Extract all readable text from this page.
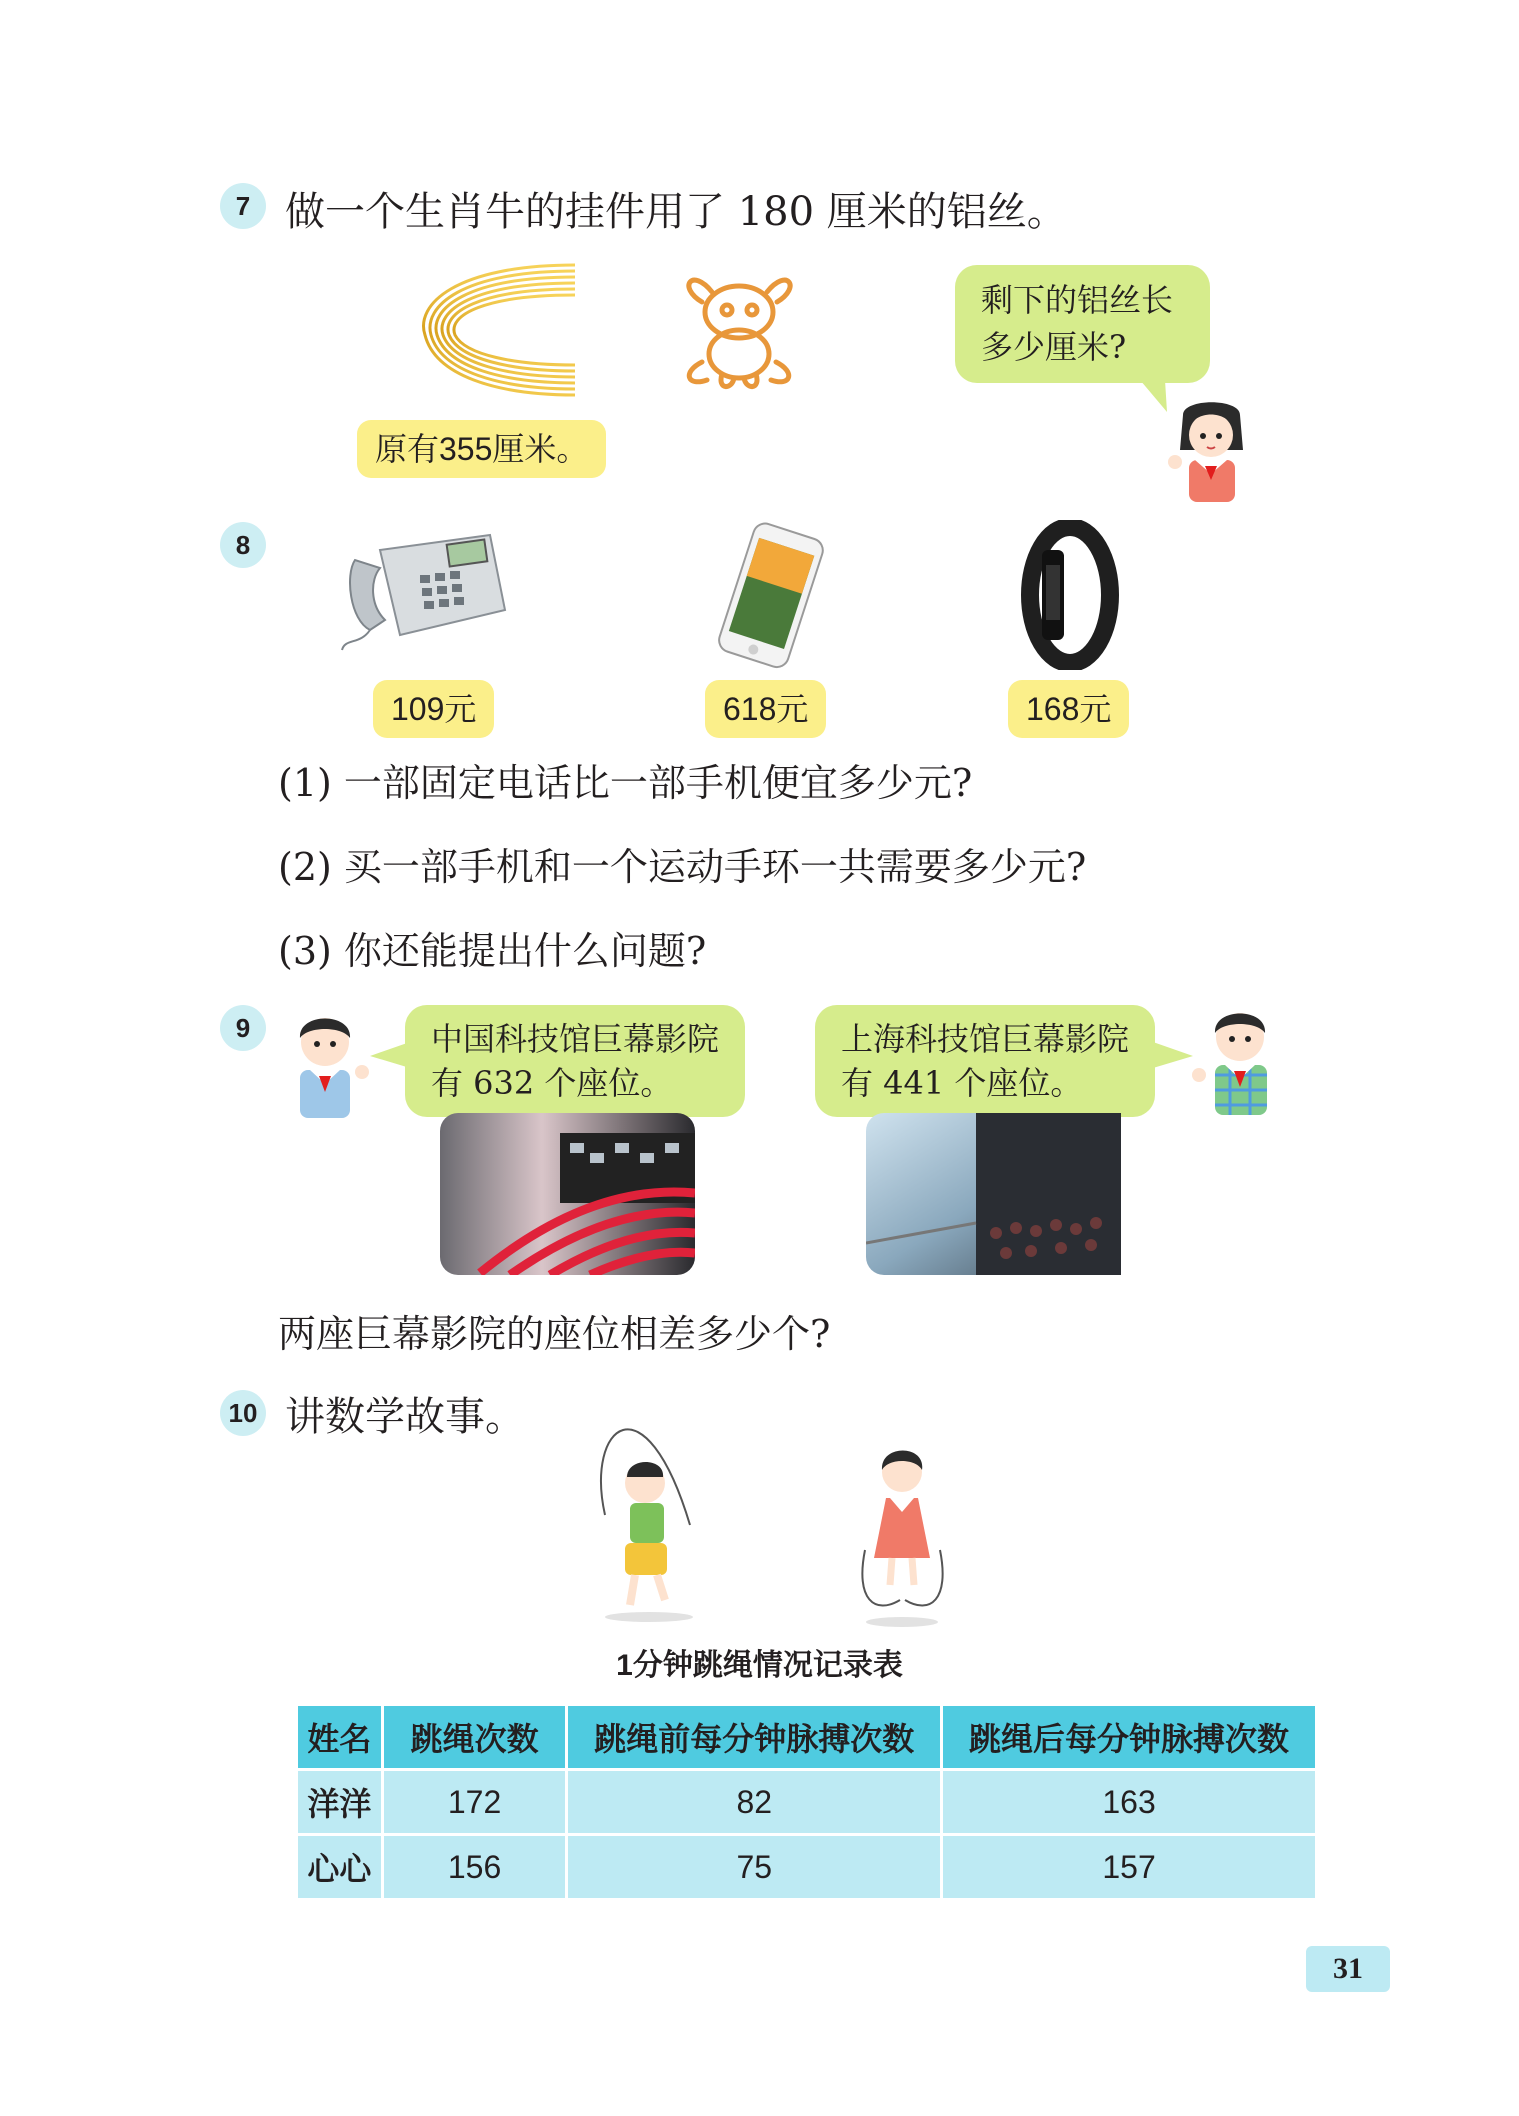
7 做一个生肖牛的挂件用了 180 厘米的铝丝。
原有355厘米。
剩下的铝丝长
多少厘米?
8
109元	618元	168元
(1) 一部固定电话比一部手机便宜多少元?
(2) 买一部手机和一个运动手环一共需要多少元?
(3) 你还能提出什么问题?
9	中国科技馆巨幕影院
有 632 个座位。
上海科技馆巨幕影院
有 441 个座位。
两座巨幕影院的座位相差多少个?
10 讲数学故事。
1分钟跳绳情况记录表
姓名	跳绳次数	跳绳前每分钟脉搏次数	跳绳后每分钟脉搏次数
洋洋	172	82	163
心心	156	75	157
31
